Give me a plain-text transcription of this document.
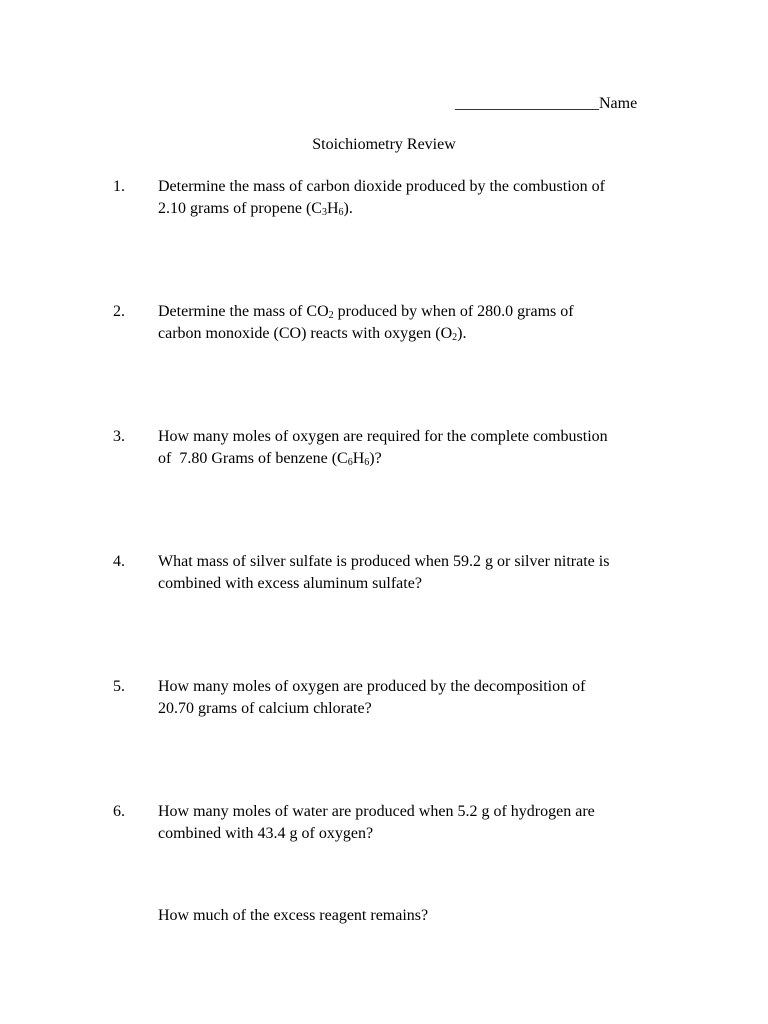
__________________Name
Stoichiometry Review
1.	Determine the mass of carbon dioxide produced by the combustion of
2.10 grams of propene $(C_3H_6)$.
2.	Determine the mass of $CO_2$ produced by when of 280.0 grams of
carbon monoxide (CO) reacts with oxygen $(O_2)$.
3.	How many moles of oxygen are required for the complete combustion
of  7.80 Grams of benzene $(C_6H_6)$?
4.	What mass of silver sulfate is produced when 59.2 g or silver nitrate is
combined with excess aluminum sulfate?
5.	How many moles of oxygen are produced by the decomposition of
20.70 grams of calcium chlorate?
6.	How many moles of water are produced when 5.2 g of hydrogen are
combined with 43.4 g of oxygen?
How much of the excess reagent remains?
